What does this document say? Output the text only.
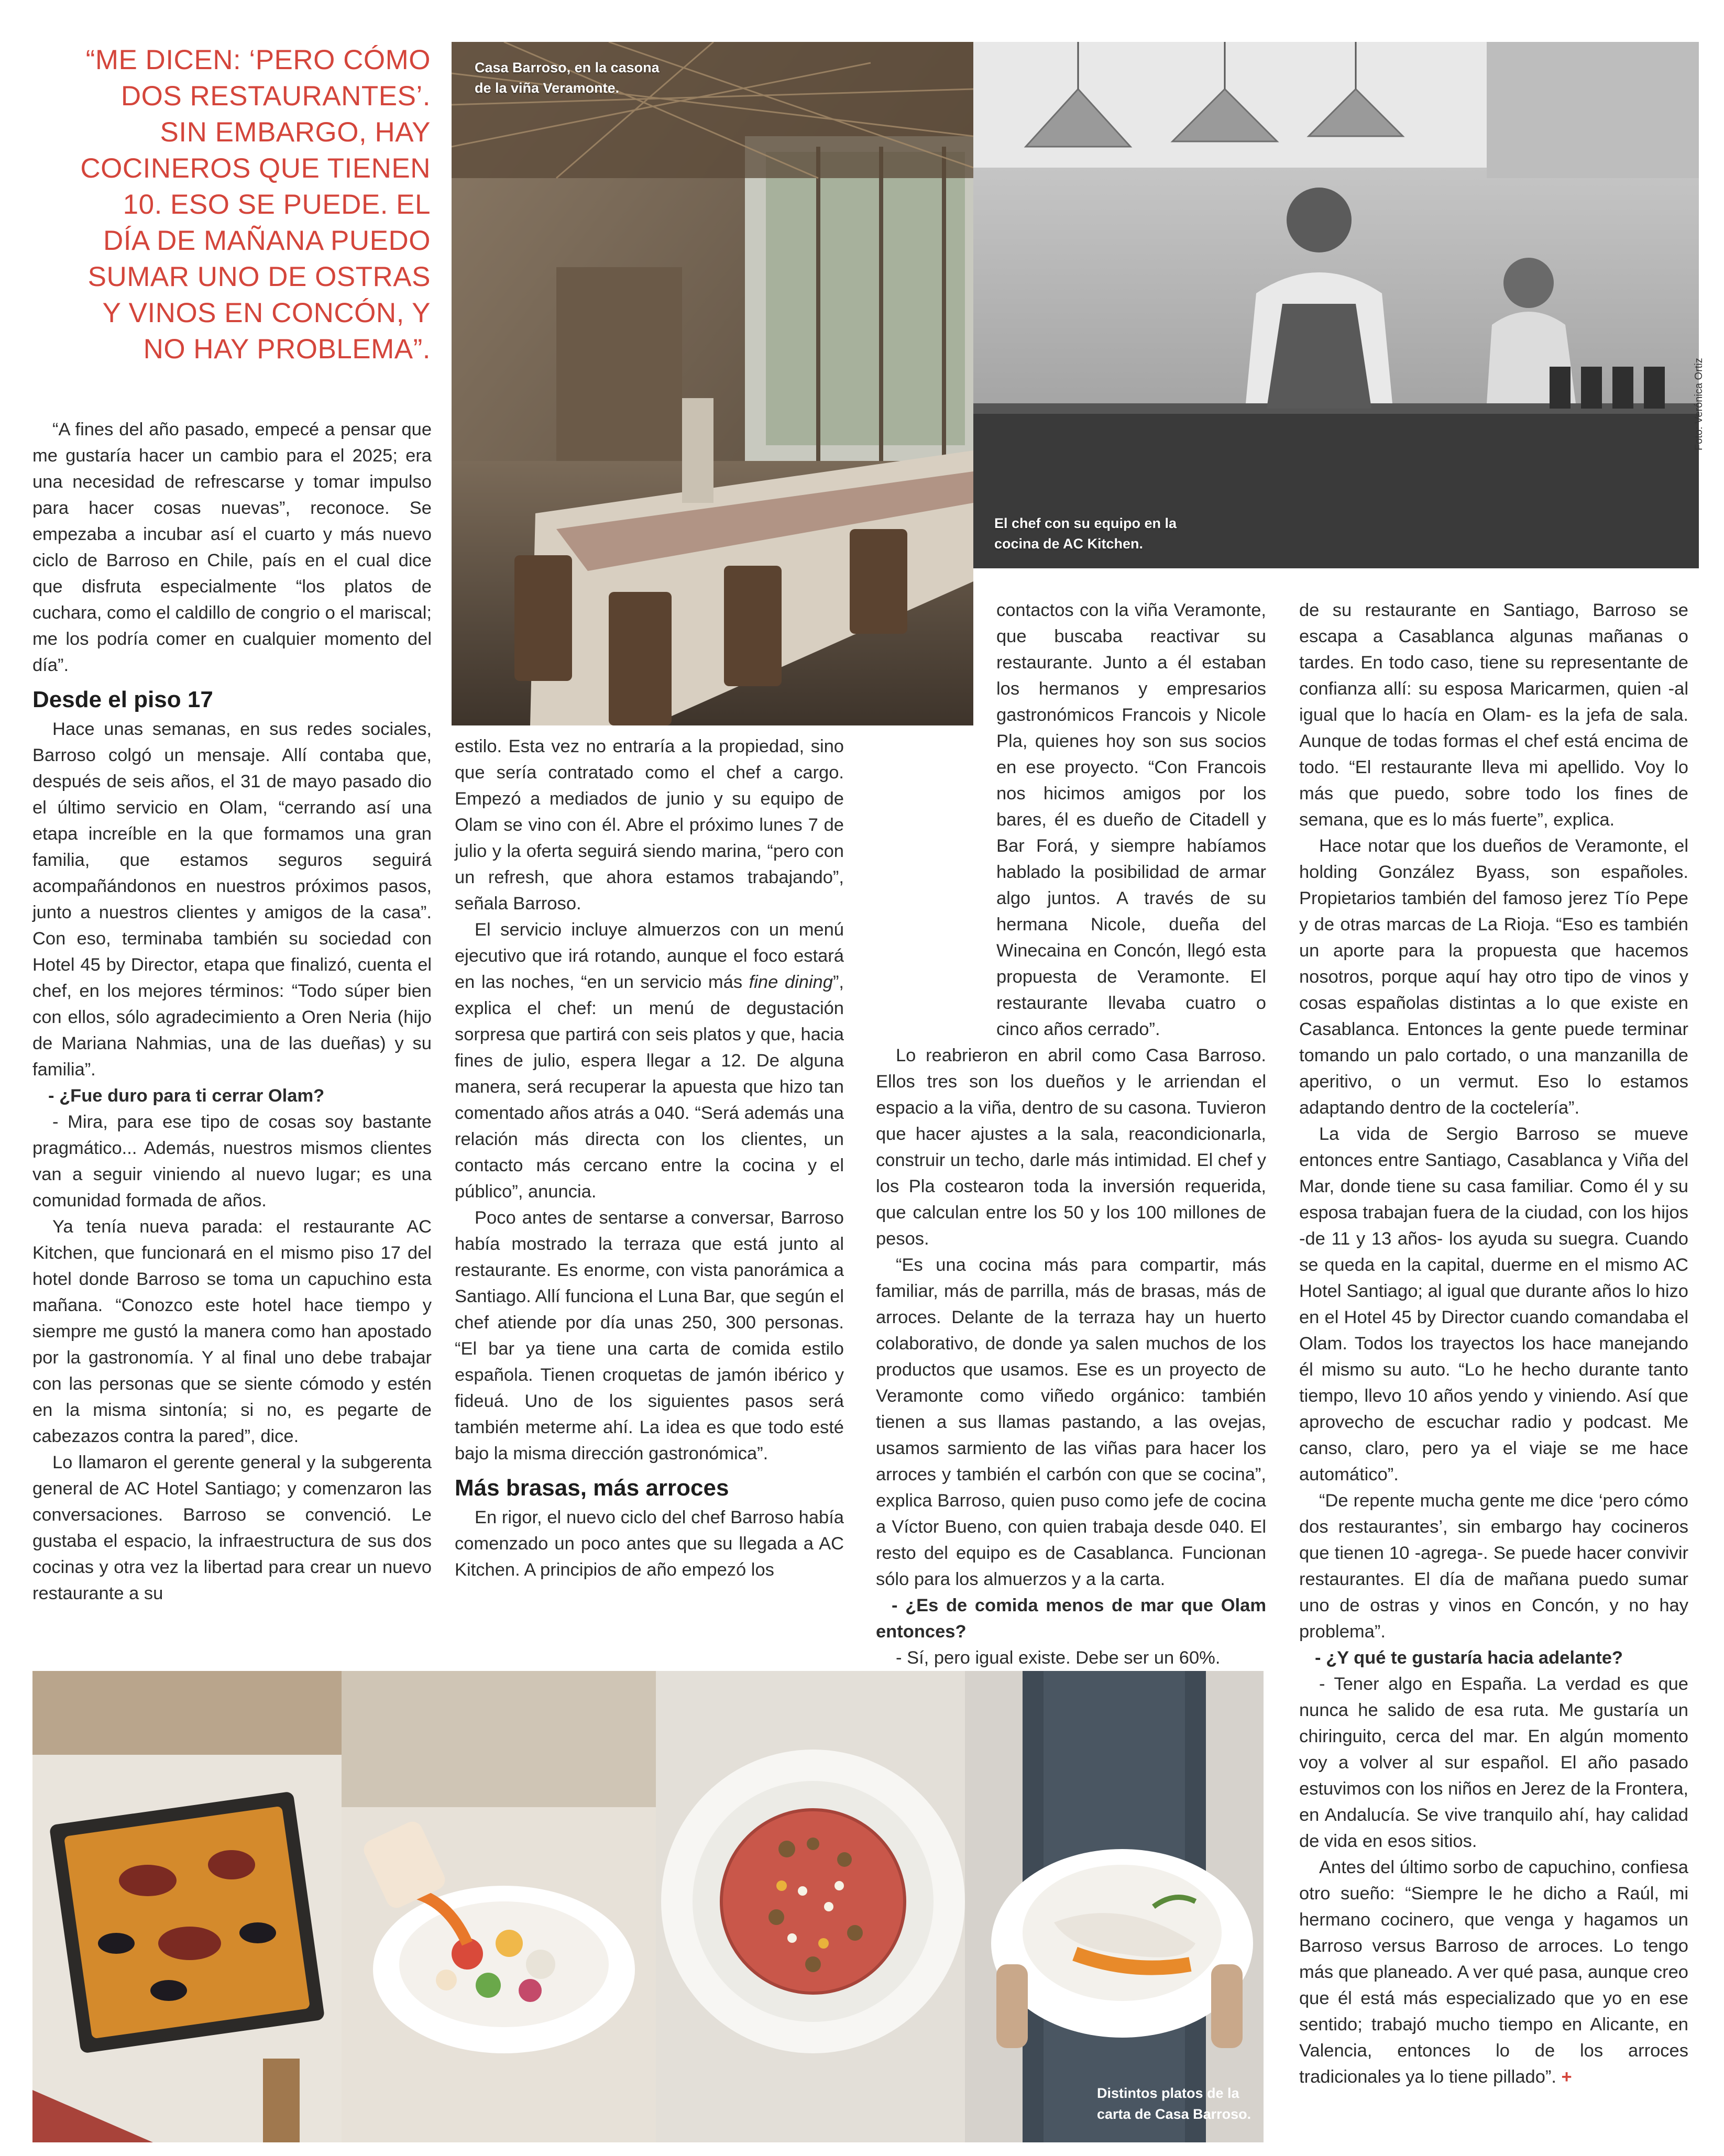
“ME DICEN: ‘PERO CÓMO
DOS RESTAURANTES’.
SIN EMBARGO, HAY
COCINEROS QUE TIENEN
10. ESO SE PUEDE. EL
DÍA DE MAÑANA PUEDO
SUMAR UNO DE OSTRAS
Y VINOS EN CONCÓN, Y
NO HAY PROBLEMA”.
Casa Barroso, en la casona
de la viña Veramonte.
El chef con su equipo en la
cocina de AC Kitchen.
Foto: Verónica Ortiz

“A fines del año pasado, empecé a pensar que me gustaría hacer un cambio para el 2025; era una necesidad de refrescarse y tomar impulso para hacer cosas nuevas”, reconoce. Se empezaba a incubar así el cuarto y más nuevo ciclo de Barroso en Chile, país en el cual dice que disfruta especialmente “los platos de cuchara, como el caldillo de congrio o el mariscal; me los podría comer en cualquier momento del día”.

Desde el piso 17

Hace unas semanas, en sus redes sociales, Barroso colgó un mensaje. Allí contaba que, después de seis años, el 31 de mayo pasado dio el último servicio en Olam, “cerrando así una etapa increíble en la que formamos una gran familia, que estamos seguros seguirá acompañándonos en nuestros próximos pasos, junto a nuestros clientes y amigos de la casa”. Con eso, terminaba también su sociedad con Hotel 45 by Director, etapa que finalizó, cuenta el chef, en los mejores términos: “Todo súper bien con ellos, sólo agradecimiento a Oren Neria (hijo de Mariana Nahmias, una de las dueñas) y su familia”.

- ¿Fue duro para ti cerrar Olam?

- Mira, para ese tipo de cosas soy bastante pragmático... Además, nuestros mismos clientes van a seguir viniendo al nuevo lugar; es una comunidad formada de años.

Ya tenía nueva parada: el restaurante AC Kitchen, que funcionará en el mismo piso 17 del hotel donde Barroso se toma un capuchino esta mañana. “Conozco este hotel hace tiempo y siempre me gustó la manera como han apostado por la gastronomía. Y al final uno debe trabajar con las personas que se siente cómodo y estén en la misma sintonía; si no, es pegarte de cabezazos contra la pared”, dice.

Lo llamaron el gerente general y la subgerenta general de AC Hotel Santiago; y comenzaron las conversaciones. Barroso se convenció. Le gustaba el espacio, la infraestructura de sus dos cocinas y otra vez la libertad para crear un nuevo restaurante a su

estilo. Esta vez no entraría a la propiedad, sino que sería contratado como el chef a cargo. Empezó a mediados de junio y su equipo de Olam se vino con él. Abre el próximo lunes 7 de julio y la oferta seguirá siendo marina, “pero con un refresh, que ahora estamos trabajando”, señala Barroso.

El servicio incluye almuerzos con un menú ejecutivo que irá rotando, aunque el foco estará en las noches, “en un servicio más fine dining”, explica el chef: un menú de degustación sorpresa que partirá con seis platos y que, hacia fines de julio, espera llegar a 12. De alguna manera, será recuperar la apuesta que hizo tan comentado años atrás a 040. “Será además una relación más directa con los clientes, un contacto más cercano entre la cocina y el público”, anuncia.

Poco antes de sentarse a conversar, Barroso había mostrado la terraza que está junto al restaurante. Es enorme, con vista panorámica a Santiago. Allí funciona el Luna Bar, que según el chef atiende por día unas 250, 300 personas. “El bar ya tiene una carta de comida estilo española. Tienen croquetas de jamón ibérico y fideuá. Uno de los siguientes pasos será también meterme ahí. La idea es que todo esté bajo la misma dirección gastronómica”.

Más brasas, más arroces

En rigor, el nuevo ciclo del chef Barroso había comenzado un poco antes que su llegada a AC Kitchen. A principios de año empezó los

contactos con la viña Veramonte, que buscaba reactivar su restaurante. Junto a él estaban los hermanos y empresarios gastronómicos Francois y Nicole Pla, quienes hoy son sus socios en ese proyecto. “Con Francois nos hicimos amigos por los bares, él es dueño de Citadell y Bar Forá, y siempre habíamos hablado la posibilidad de armar algo juntos. A través de su hermana Nicole, dueña del Winecaina en Concón, llegó esta propuesta de Veramonte. El restaurante llevaba cuatro o cinco años cerrado”.

Lo reabrieron en abril como Casa Barroso. Ellos tres son los dueños y le arriendan el espacio a la viña, dentro de su casona. Tuvieron que hacer ajustes a la sala, reacondicionarla, construir un techo, darle más intimidad. El chef y los Pla costearon toda la inversión requerida, que calculan entre los 50 y los 100 millones de pesos.

“Es una cocina más para compartir, más familiar, más de parrilla, más de brasas, más de arroces. Delante de la terraza hay un huerto colaborativo, de donde ya salen muchos de los productos que usamos. Ese es un proyecto de Veramonte como viñedo orgánico: también tienen a sus llamas pastando, a las ovejas, usamos sarmiento de las viñas para hacer los arroces y también el carbón con que se cocina”, explica Barroso, quien puso como jefe de cocina a Víctor Bueno, con quien trabaja desde 040. El resto del equipo es de Casablanca. Funcionan sólo para los almuerzos y a la carta.

- ¿Es de comida menos de mar que Olam entonces?

- Sí, pero igual existe. Debe ser un 60%.

de su restaurante en Santiago, Barroso se escapa a Casablanca algunas mañanas o tardes. En todo caso, tiene su representante de confianza allí: su esposa Maricarmen, quien -al igual que lo hacía en Olam- es la jefa de sala. Aunque de todas formas el chef está encima de todo. “El restaurante lleva mi apellido. Voy lo más que puedo, sobre todo los fines de semana, que es lo más fuerte”, explica.

Hace notar que los dueños de Veramonte, el holding González Byass, son españoles. Propietarios también del famoso jerez Tío Pepe y de otras marcas de La Rioja. “Eso es también un aporte para la propuesta que hacemos nosotros, porque aquí hay otro tipo de vinos y cosas españolas distintas a lo que existe en Casablanca. Entonces la gente puede terminar tomando un palo cortado, o una manzanilla de aperitivo, o un vermut. Eso lo estamos adaptando dentro de la coctelería”.

La vida de Sergio Barroso se mueve entonces entre Santiago, Casablanca y Viña del Mar, donde tiene su casa familiar. Como él y su esposa trabajan fuera de la ciudad, con los hijos -de 11 y 13 años- los ayuda su suegra. Cuando se queda en la capital, duerme en el mismo AC Hotel Santiago; al igual que durante años lo hizo en el Hotel 45 by Director cuando comandaba el Olam. Todos los trayectos los hace manejando él mismo su auto. “Lo he hecho durante tanto tiempo, llevo 10 años yendo y viniendo. Así que aprovecho de escuchar radio y podcast. Me canso, claro, pero ya el viaje se me hace automático”.

“De repente mucha gente me dice ‘pero cómo dos restaurantes’, sin embargo hay cocineros que tienen 10 -agrega-. Se puede hacer convivir restaurantes. El día de mañana puedo sumar uno de ostras y vinos en Concón, y no hay problema”.

- ¿Y qué te gustaría hacia adelante?

- Tener algo en España. La verdad es que nunca he salido de esa ruta. Me gustaría un chiringuito, cerca del mar. En algún momento voy a volver al sur español. El año pasado estuvimos con los niños en Jerez de la Frontera, en Andalucía. Se vive tranquilo ahí, hay calidad de vida en esos sitios.

Antes del último sorbo de capuchino, confiesa otro sueño: “Siempre le he dicho a Raúl, mi hermano cocinero, que venga y hagamos un Barroso versus Barroso de arroces. Lo tengo más que planeado. A ver qué pasa, aunque creo que él está más especializado que yo en ese sentido; trabajó mucho tiempo en Alicante, en Valencia, entonces lo de los arroces tradicionales ya lo tiene pillado”. +

Distintos platos de la
carta de Casa Barroso.
